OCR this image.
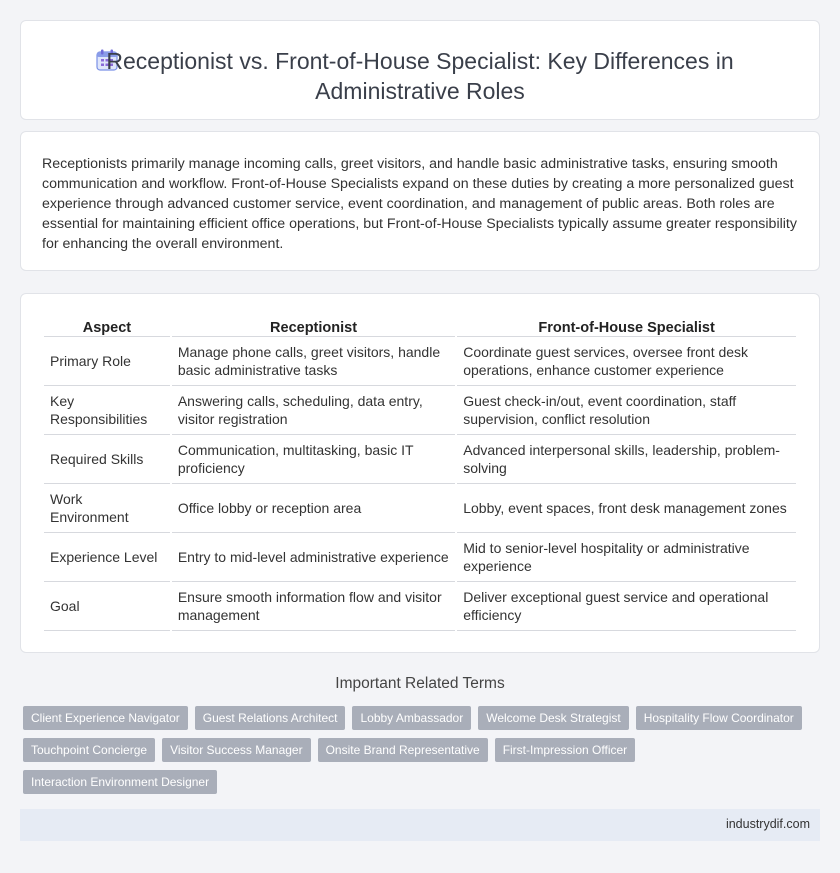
Receptionist vs. Front-of-House Specialist: Key Differences in
Administrative Roles

Receptionists primarily manage incoming calls, greet visitors, and handle basic administrative tasks, ensuring smooth communication and workflow. Front-of-House Specialists expand on these duties by creating a more personalized guest experience through advanced customer service, event coordination, and management of public areas. Both roles are essential for maintaining efficient office operations, but Front-of-House Specialists typically assume greater responsibility for enhancing the overall environment.

Aspect	Receptionist	Front-of-House Specialist
Primary Role	Manage phone calls, greet visitors, handle basic administrative tasks	Coordinate guest services, oversee front desk operations, enhance customer experience
Key Responsibilities	Answering calls, scheduling, data entry, visitor registration	Guest check-in/out, event coordination, staff supervision, conflict resolution
Required Skills	Communication, multitasking, basic IT proficiency	Advanced interpersonal skills, leadership, problem-solving
Work Environment	Office lobby or reception area	Lobby, event spaces, front desk management zones
Experience Level	Entry to mid-level administrative experience	Mid to senior-level hospitality or administrative experience
Goal	Ensure smooth information flow and visitor management	Deliver exceptional guest service and operational efficiency
Important Related Terms
Client Experience Navigator	Guest Relations Architect	Lobby Ambassador	Welcome Desk Strategist	Hospitality Flow Coordinator
Touchpoint Concierge	Visitor Success Manager	Onsite Brand Representative	First-Impression Officer
Interaction Environment Designer
industrydif.com
